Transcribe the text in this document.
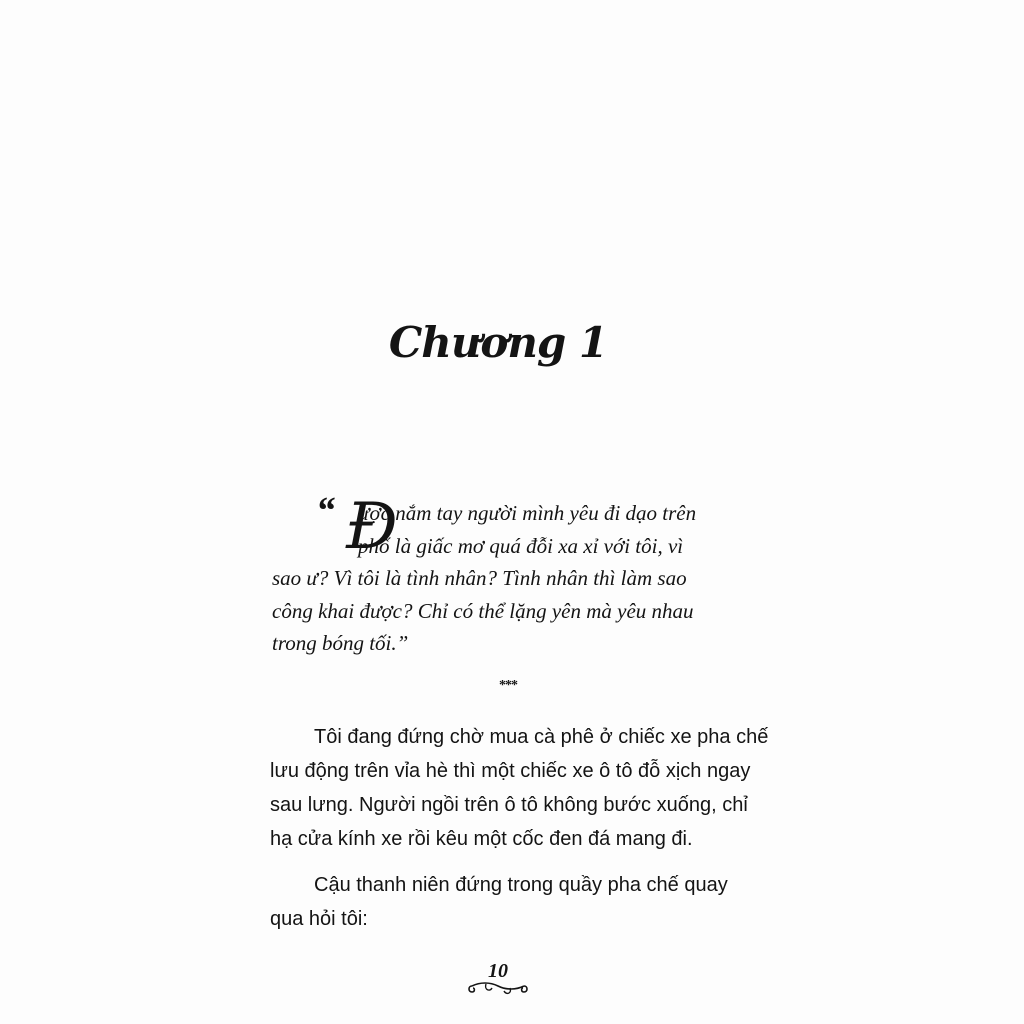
Chương 1
“ Đ
ược nắm tay người mình yêu đi dạo trên
phố là giấc mơ quá đỗi xa xỉ với tôi, vì
sao ư? Vì tôi là tình nhân? Tình nhân thì làm sao
công khai được? Chỉ có thể lặng yên mà yêu nhau
trong bóng tối.”
***

Tôi đang đứng chờ mua cà phê ở chiếc xe pha chế
lưu động trên vỉa hè thì một chiếc xe ô tô đỗ xịch ngay
sau lưng. Người ngồi trên ô tô không bước xuống, chỉ
hạ cửa kính xe rồi kêu một cốc đen đá mang đi.

Cậu thanh niên đứng trong quầy pha chế quay
qua hỏi tôi:

10
